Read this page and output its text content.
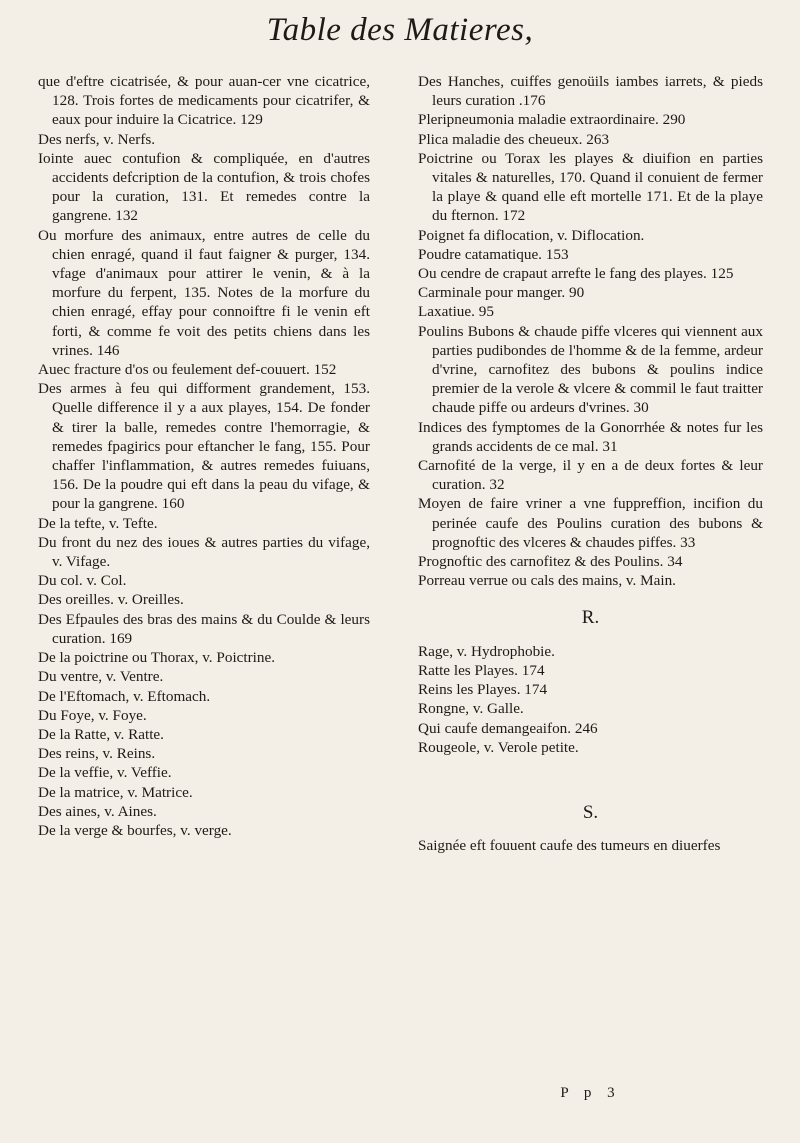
Table des Matieres,

que d'eftre cicatrisée, & pour auan-cer vne cicatrice, 128. Trois fortes de medicaments pour cicatrifer, & eaux pour induire la Cicatrice. 129

Des nerfs, v. Nerfs.

Iointe auec contufion & compliquée, en d'autres accidents defcription de la contufion, & trois chofes pour la curation, 131. Et remedes contre la gangrene. 132

Ou morfure des animaux, entre autres de celle du chien enragé, quand il faut faigner & purger, 134. vfage d'animaux pour attirer le venin, & à la morfure du ferpent, 135. Notes de la morfure du chien enragé, effay pour connoiftre fi le venin eft forti, & comme fe voit des petits chiens dans les vrines. 146

Auec fracture d'os ou feulement def-couuert. 152

Des armes à feu qui difforment grandement, 153. Quelle difference il y a aux playes, 154. De fonder & tirer la balle, remedes contre l'hemorragie, & remedes fpagirics pour eftancher le fang, 155. Pour chaffer l'inflammation, & autres remedes fuiuans, 156. De la poudre qui eft dans la peau du vifage, & pour la gangrene. 160

De la tefte, v. Tefte.

Du front du nez des ioues & autres parties du vifage, v. Vifage.

Du col. v. Col.

Des oreilles. v. Oreilles.

Des Efpaules des bras des mains & du Coulde & leurs curation. 169

De la poictrine ou Thorax, v. Poictrine.

Du ventre, v. Ventre.

De l'Eftomach, v. Eftomach.

Du Foye, v. Foye.

De la Ratte, v. Ratte.

Des reins, v. Reins.

De la veffie, v. Veffie.

De la matrice, v. Matrice.

Des aines, v. Aines.

De la verge & bourfes, v. verge.

Des Hanches, cuiffes genoüils iambes iarrets, & pieds leurs curation .176

Pleripneumonia maladie extraordinaire. 290

Plica maladie des cheueux. 263

Poictrine ou Torax les playes & diuifion en parties vitales & naturelles, 170. Quand il conuient de fermer la playe & quand elle eft mortelle 171. Et de la playe du fternon. 172

Poignet fa diflocation, v. Diflocation.

Poudre catamatique. 153

Ou cendre de crapaut arrefte le fang des playes. 125

Carminale pour manger. 90

Laxatiue. 95

Poulins Bubons & chaude piffe vlceres qui viennent aux parties pudibondes de l'homme & de la femme, ardeur d'vrine, carnofitez des bubons & poulins indice premier de la verole & vlcere & commil le faut traitter chaude piffe ou ardeurs d'vrines. 30

Indices des fymptomes de la Gonorrhée & notes fur les grands accidents de ce mal. 31

Carnofité de la verge, il y en a de deux fortes & leur curation. 32

Moyen de faire vriner a vne fuppreffion, incifion du perinée caufe des Poulins curation des bubons & prognoftic des vlceres & chaudes piffes. 33

Prognoftic des carnofitez & des Poulins. 34

Porreau verrue ou cals des mains, v. Main.

R.

Rage, v. Hydrophobie.

Ratte les Playes. 174

Reins les Playes. 174

Rongne, v. Galle.

Qui caufe demangeaifon. 246

Rougeole, v. Verole petite.

S.

Saignée eft fouuent caufe des tumeurs en diuerfes

P p 3
